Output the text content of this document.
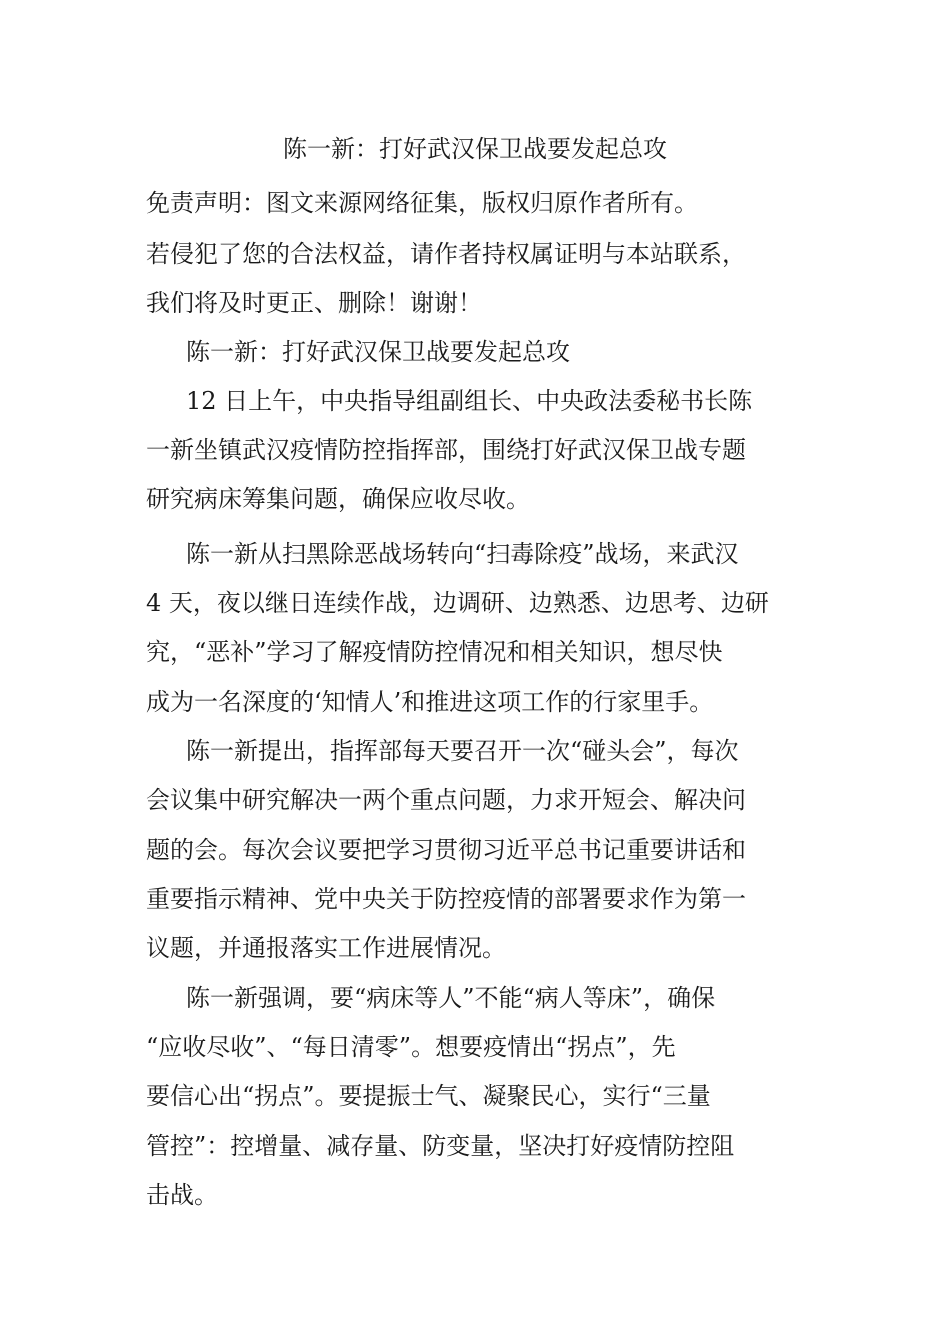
陈一新：打好武汉保卫战要发起总攻
免责声明：图文来源网络征集，版权归原作者所有。
若侵犯了您的合法权益，请作者持权属证明与本站联系，
我们将及时更正、删除！谢谢！
陈一新：打好武汉保卫战要发起总攻
12 日上午，中央指导组副组长、中央政法委秘书长陈
一新坐镇武汉疫情防控指挥部，围绕打好武汉保卫战专题
研究病床筹集问题，确保应收尽收。
陈一新从扫黑除恶战场转向“扫毒除疫”战场，来武汉
4 天，夜以继日连续作战，边调研、边熟悉、边思考、边研
究，“恶补”学习了解疫情防控情况和相关知识，想尽快
成为一名深度的‘知情人’和推进这项工作的行家里手。
陈一新提出，指挥部每天要召开一次“碰头会”，每次
会议集中研究解决一两个重点问题，力求开短会、解决问
题的会。每次会议要把学习贯彻习近平总书记重要讲话和
重要指示精神、党中央关于防控疫情的部署要求作为第一
议题，并通报落实工作进展情况。
陈一新强调，要“病床等人”不能“病人等床”，确保
“应收尽收”、“每日清零”。想要疫情出“拐点”，先
要信心出“拐点”。要提振士气、凝聚民心，实行“三量
管控”：控增量、减存量、防变量，坚决打好疫情防控阻
击战。
